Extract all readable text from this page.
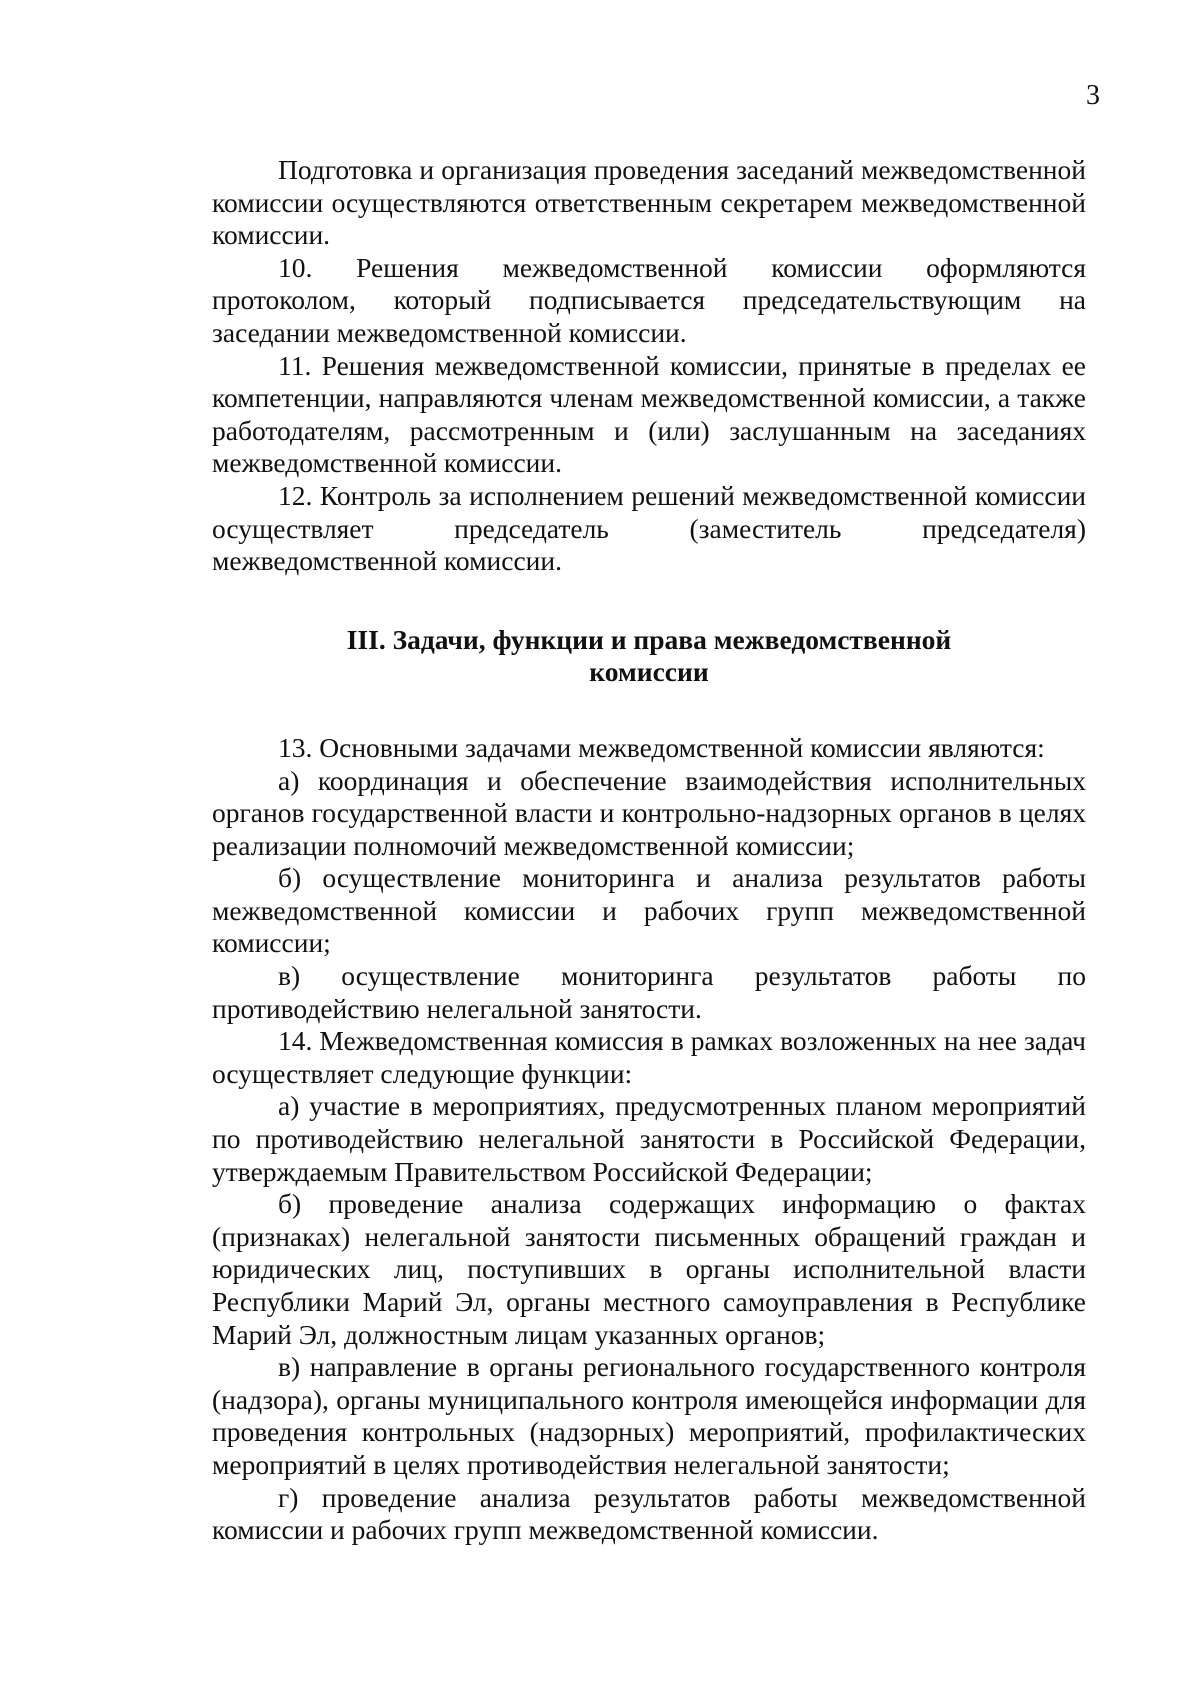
3

Подготовка и организация проведения заседаний межведомственной комиссии осуществляются ответственным секретарем межведомственной комиссии.

10. Решения межведомственной комиссии оформляются протоколом, который подписывается председательствующим на заседании межведомственной комиссии.

11. Решения межведомственной комиссии, принятые в пределах ее компетенции, направляются членам межведомственной комиссии, а также работодателям, рассмотренным и (или) заслушанным на заседаниях межведомственной комиссии.

12. Контроль за исполнением решений межведомственной комиссии осуществляет председатель (заместитель председателя) межведомственной комиссии.

III. Задачи, функции и права межведомственной комиссии

13. Основными задачами межведомственной комиссии являются:

а) координация и обеспечение взаимодействия исполнительных органов государственной власти и контрольно-надзорных органов в целях реализации полномочий межведомственной комиссии;

б) осуществление мониторинга и анализа результатов работы межведомственной комиссии и рабочих групп межведомственной комиссии;

в) осуществление мониторинга результатов работы по противодействию нелегальной занятости.

14. Межведомственная комиссия в рамках возложенных на нее задач осуществляет следующие функции:

а) участие в мероприятиях, предусмотренных планом мероприятий по противодействию нелегальной занятости в Российской Федерации, утверждаемым Правительством Российской Федерации;

б) проведение анализа содержащих информацию о фактах (признаках) нелегальной занятости письменных обращений граждан и юридических лиц, поступивших в органы исполнительной власти Республики Марий Эл, органы местного самоуправления в Республике Марий Эл, должностным лицам указанных органов;

в) направление в органы регионального государственного контроля (надзора), органы муниципального контроля имеющейся информации для проведения контрольных (надзорных) мероприятий, профилактических мероприятий в целях противодействия нелегальной занятости;

г) проведение анализа результатов работы межведомственной комиссии и рабочих групп межведомственной комиссии.
